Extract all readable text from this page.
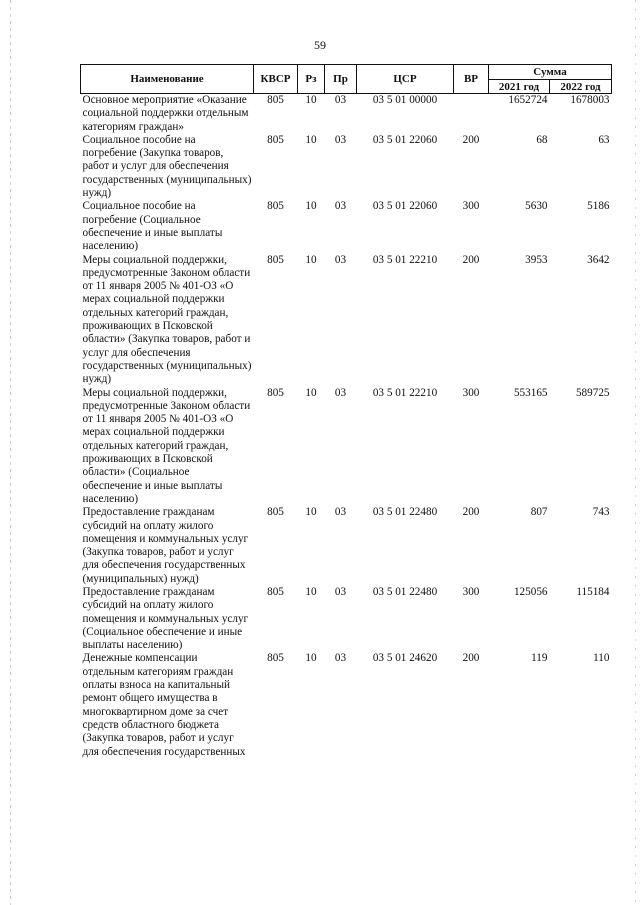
59
Наименование	КВСР	Рз	Пр	ЦСР	ВР	Сумма	
						2021 год	2022 год
Основное мероприятие «Оказание социальной поддержки отдельным категориям граждан»	805	10	03	03 5 01 00000		1652724	1678003
Социальное пособие на погребение (Закупка товаров, работ и услуг для обеспечения государственных (муниципальных) нужд)	805	10	03	03 5 01 22060	200	68	63
Социальное пособие на погребение (Социальное обеспечение и иные выплаты населению)	805	10	03	03 5 01 22060	300	5630	5186
Меры социальной поддержки, предусмотренные Законом области от 11 января 2005 № 401-ОЗ «О мерах социальной поддержки отдельных категорий граждан, проживающих в Псковской области» (Закупка товаров, работ и услуг для обеспечения государственных (муниципальных) нужд)	805	10	03	03 5 01 22210	200	3953	3642
Меры социальной поддержки, предусмотренные Законом области от 11 января 2005 № 401-ОЗ «О мерах социальной поддержки отдельных категорий граждан, проживающих в Псковской области» (Социальное обеспечение и иные выплаты населению)	805	10	03	03 5 01 22210	300	553165	589725
Предоставление гражданам субсидий на оплату жилого помещения и коммунальных услуг (Закупка товаров, работ и услуг для обеспечения государственных (муниципальных) нужд)	805	10	03	03 5 01 22480	200	807	743
Предоставление гражданам субсидий на оплату жилого помещения и коммунальных услуг (Социальное обеспечение и иные выплаты населению)	805	10	03	03 5 01 22480	300	125056	115184
Денежные компенсации отдельным категориям граждан оплаты взноса на капитальный ремонт общего имущества в многоквартирном доме за счет средств областного бюджета (Закупка товаров, работ и услуг для обеспечения государственных	805	10	03	03 5 01 24620	200	119	110
